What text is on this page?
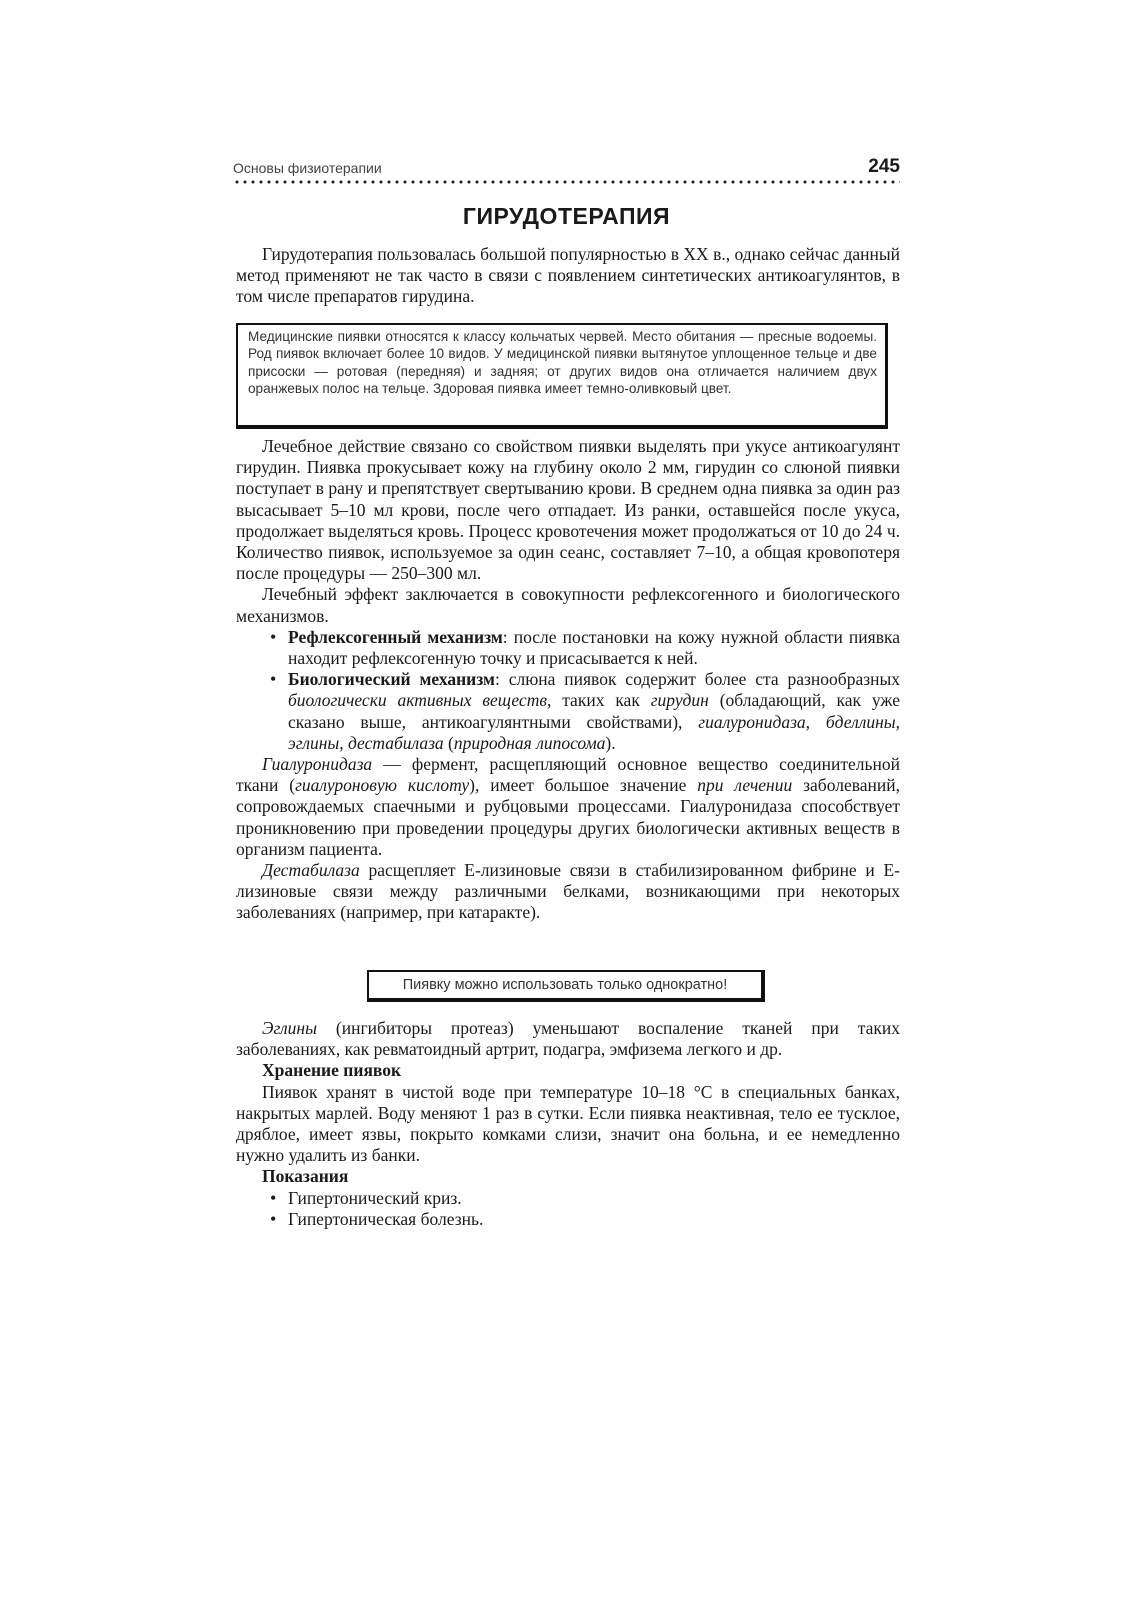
Основы физиотерапии	245
ГИРУДОТЕРАПИЯ

Гирудотерапия пользовалась большой популярностью в XX в., однако сейчас данный метод применяют не так часто в связи с появлением синтетических антикоагулянтов, в том числе препаратов гирудина.

Медицинские пиявки относятся к классу кольчатых червей. Место обитания — пресные водоемы. Род пиявок включает более 10 видов. У медицинской пиявки вытянутое уплощенное тельце и две присоски — ротовая (передняя) и задняя; от других видов она отличается наличием двух оранжевых полос на тельце. Здоровая пиявка имеет темно-оливковый цвет.

Лечебное действие связано со свойством пиявки выделять при укусе антикоагулянт гирудин. Пиявка прокусывает кожу на глубину около 2 мм, гирудин со слюной пиявки поступает в рану и препятствует свертыванию крови. В среднем одна пиявка за один раз высасывает 5–10 мл крови, после чего отпадает. Из ранки, оставшейся после укуса, продолжает выделяться кровь. Процесс кровотечения может продолжаться от 10 до 24 ч. Количество пиявок, используемое за один сеанс, составляет 7–10, а общая кровопотеря после процедуры — 250–300 мл.

Лечебный эффект заключается в совокупности рефлексогенного и биологического механизмов.

• Рефлексогенный механизм: после постановки на кожу нужной области пиявка находит рефлексогенную точку и присасывается к ней.
• Биологический механизм: слюна пиявок содержит более ста разнообразных биологически активных веществ, таких как гирудин (обладающий, как уже сказано выше, антикоагулянтными свойствами), гиалуронидаза, бделлины, эглины, дестабилаза (природная липосома).

Гиалуронидаза — фермент, расщепляющий основное вещество соединительной ткани (гиалуроновую кислоту), имеет большое значение при лечении заболеваний, сопровождаемых спаечными и рубцовыми процессами. Гиалуронидаза способствует проникновению при проведении процедуры других биологически активных веществ в организм пациента.

Дестабилаза расщепляет E-лизиновые связи в стабилизированном фибрине и E-лизиновые связи между различными белками, возникающими при некоторых заболеваниях (например, при катаракте).

Пиявку можно использовать только однократно!

Эглины (ингибиторы протеаз) уменьшают воспаление тканей при таких заболеваниях, как ревматоидный артрит, подагра, эмфизема легкого и др.

Хранение пиявок

Пиявок хранят в чистой воде при температуре 10–18 °C в специальных банках, накрытых марлей. Воду меняют 1 раз в сутки. Если пиявка неактивная, тело ее тусклое, дряблое, имеет язвы, покрыто комками слизи, значит она больна, и ее немедленно нужно удалить из банки.

Показания

• Гипертонический криз.
• Гипертоническая болезнь.
